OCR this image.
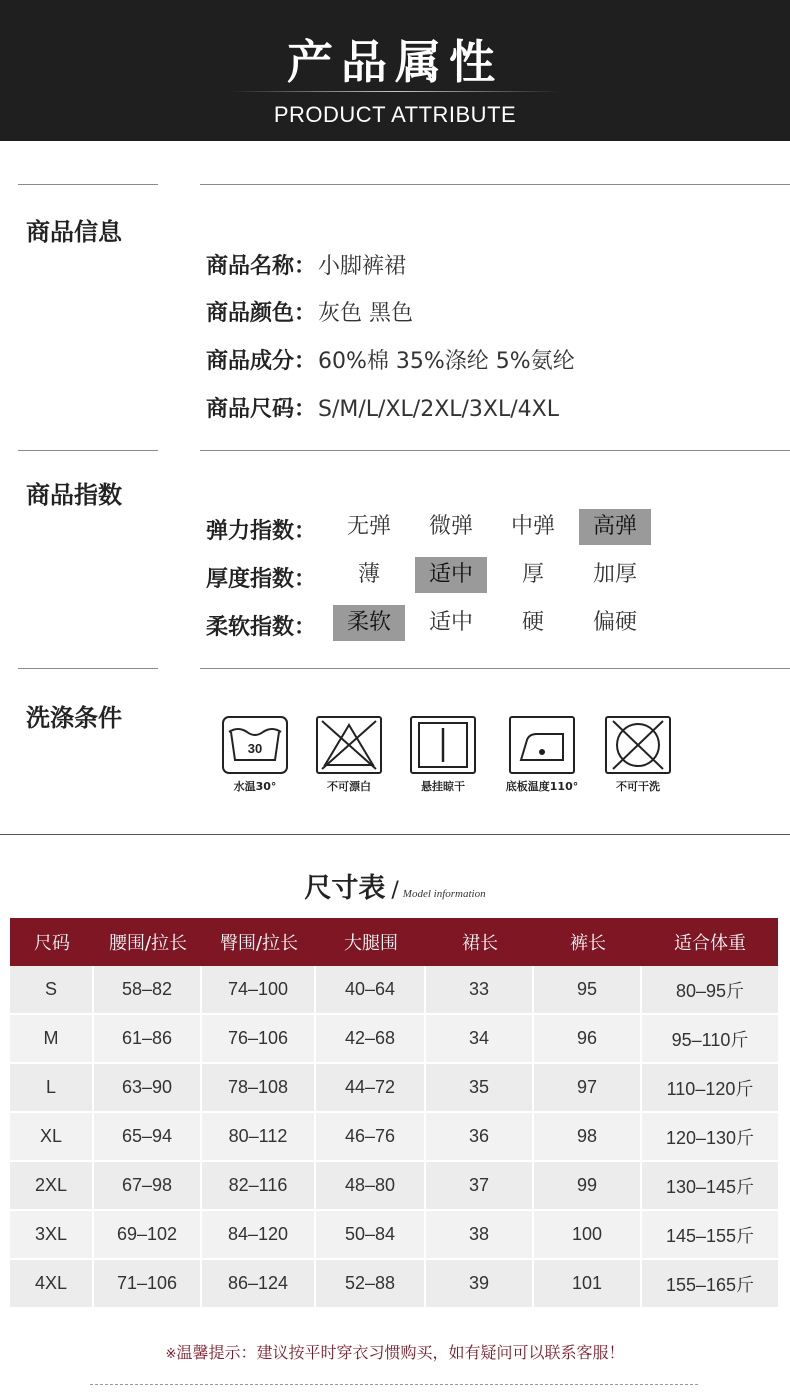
产品属性
PRODUCT ATTRIBUTE
商品信息
商品名称：小脚裤裙
商品颜色：灰色 黑色
商品成分：60%棉 35%涤纶 5%氨纶
商品尺码：S/M/L/XL/2XL/3XL/4XL
商品指数
弹力指数：	无弹	微弹	中弹	高弹
厚度指数：	薄	适中	厚	加厚
柔软指数：	柔软	适中	硬	偏硬
洗涤条件
30
水温30°	不可漂白	悬挂晾干	底板温度110°	不可干洗
尺寸表 / Model information
尺码	腰围/拉长	臀围/拉长	大腿围	裙长	裤长	适合体重
S	58–82	74–100	40–64	33	95	80–95斤
M	61–86	76–106	42–68	34	96	95–110斤
L	63–90	78–108	44–72	35	97	110–120斤
XL	65–94	80–112	46–76	36	98	120–130斤
2XL	67–98	82–116	48–80	37	99	130–145斤
3XL	69–102	84–120	50–84	38	100	145–155斤
4XL	71–106	86–124	52–88	39	101	155–165斤
※温馨提示：建议按平时穿衣习惯购买，如有疑问可以联系客服！
